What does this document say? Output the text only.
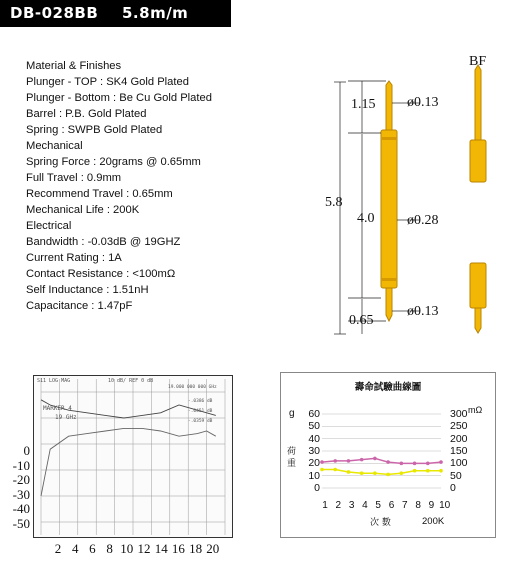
DB-028BB 5.8m/m
Material & Finishes
Plunger - TOP : SK4 Gold Plated
Plunger - Bottom : Be Cu Gold Plated
Barrel : P.B. Gold Plated
Spring : SWPB Gold Plated
Mechanical
Spring Force : 20grams @ 0.65mm
Full Travel : 0.9mm
Recommend Travel : 0.65mm
Mechanical Life : 200K
Electrical
Bandwidth : -0.03dB @ 19GHZ
Current Rating : 1A
Contact Resistance : <100mΩ
Self Inductance : 1.51nH
Capacitance : 1.47pF
BF
5.8
1.15
4.0
0.65
ø0.13
ø0.28
ø0.13
S11 LOG MAG	10 dB/ REF 0 dB
19.000 000 000 GHz
MARKER 4
19 GHz
-.0386 dB
-.0451 dB
-.0359 dB
0
-10
-20
-30
-40
-50
2 4 6 8 10 12 14 16 18 20
壽命試驗曲線圖
g	mΩ
荷重
次 數	200K
60
50
40
30
20
10
0
300
250
200
150
100
50
0
1 2 3 4 5 6 7 8 9 10
